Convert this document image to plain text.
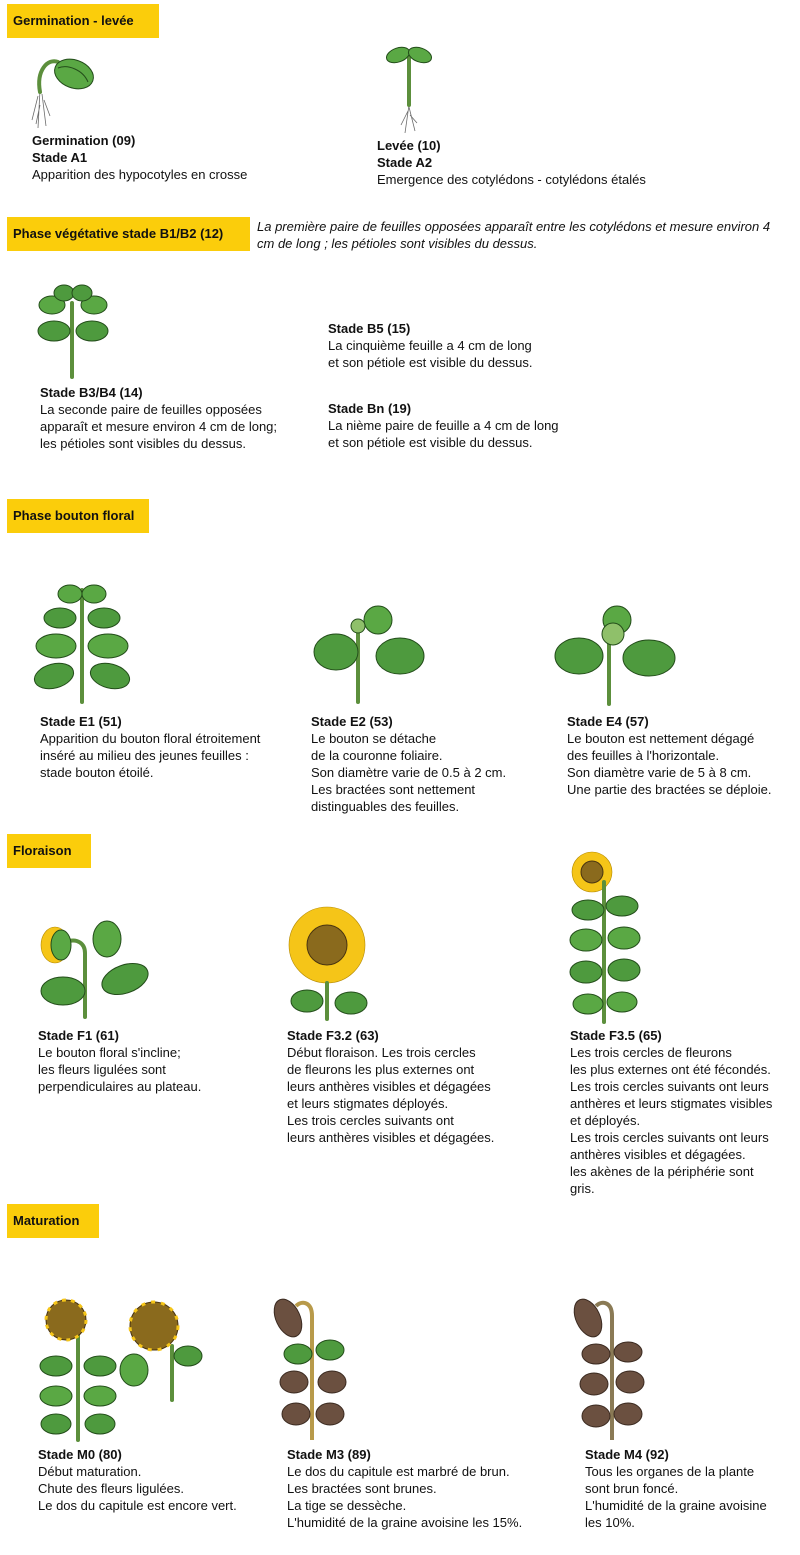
Germination - levée
Germination (09)
Stade A1
Apparition des hypocotyles en crosse
Levée (10)
Stade A2
Emergence des cotylédons - cotylédons étalés
Phase végétative stade B1/B2 (12)	La première paire de feuilles opposées apparaît entre les cotylédons et mesure environ 4 cm de long ; les pétioles sont visibles du dessus.
Stade B3/B4 (14)
La seconde paire de feuilles opposées
apparaît et mesure environ 4 cm de long;
les pétioles sont visibles du dessus.
Stade B5 (15)
La cinquième feuille a 4 cm de long
et son pétiole est visible du dessus.
Stade Bn (19)
La nième paire de feuille a 4 cm de long
et son pétiole est visible du dessus.
Phase bouton floral
Stade E1 (51)
Apparition du bouton floral étroitement
inséré au milieu des jeunes feuilles :
stade bouton étoilé.
Stade E2 (53)
Le bouton se détache
de la couronne foliaire.
Son diamètre varie de 0.5 à 2 cm.
Les bractées sont nettement
distinguables des feuilles.
Stade E4 (57)
Le bouton est nettement dégagé
des feuilles à l'horizontale.
Son diamètre varie de 5 à 8 cm.
Une partie des bractées se déploie.
Floraison
Stade F1 (61)
Le bouton floral s'incline;
les fleurs ligulées sont
perpendiculaires au plateau.
Stade F3.2 (63)
Début floraison. Les trois cercles
de fleurons les plus externes ont
leurs anthères visibles et dégagées
et leurs stigmates déployés.
Les trois cercles suivants ont
leurs anthères visibles et dégagées.
Stade F3.5 (65)
Les trois cercles de fleurons
les plus externes ont été fécondés.
Les trois cercles suivants ont leurs
anthères et leurs stigmates visibles
et déployés.
Les trois cercles suivants ont leurs
anthères visibles et dégagées.
les akènes de la périphérie sont
gris.
Maturation
Stade M0 (80)
Début maturation.
Chute des fleurs ligulées.
Le dos du capitule est encore vert.
Stade M3 (89)
Le dos du capitule est marbré de brun.
Les bractées sont brunes.
La tige se dessèche.
L'humidité de la graine avoisine les 15%.
Stade M4 (92)
Tous les organes de la plante
sont brun foncé.
L'humidité de la graine avoisine
les 10%.
